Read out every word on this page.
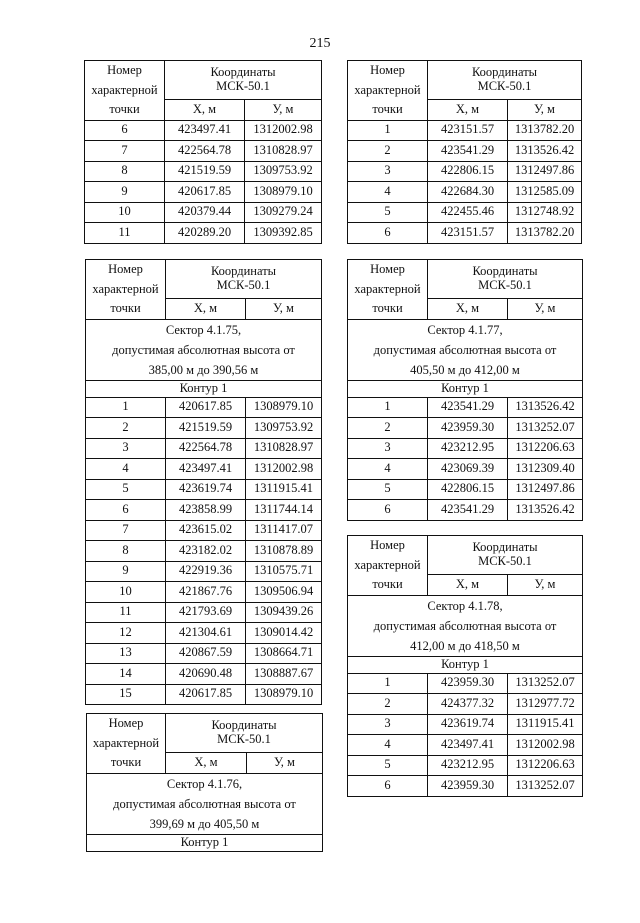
215
Номер
характерной
точки	Координаты
МСК-50.1	

	Х, м	У, м
6	423497.41	1312002.98
7	422564.78	1310828.97
8	421519.59	1309753.92
9	420617.85	1308979.10
10	420379.44	1309279.24
11	420289.20	1309392.85
Номер
характерной
точки	Координаты
МСК-50.1	

	Х, м	У, м
1	423151.57	1313782.20
2	423541.29	1313526.42
3	422806.15	1312497.86
4	422684.30	1312585.09
5	422455.46	1312748.92
6	423151.57	1313782.20
Номер
характерной
точки	Координаты
МСК-50.1	

	Х, м	У, м

Сектор 4.1.75,
допустимая абсолютная высота от
385,00 м до 390,56 м		

Контур 1		
1	420617.85	1308979.10
2	421519.59	1309753.92
3	422564.78	1310828.97
4	423497.41	1312002.98
5	423619.74	1311915.41
6	423858.99	1311744.14
7	423615.02	1311417.07
8	423182.02	1310878.89
9	422919.36	1310575.71
10	421867.76	1309506.94
11	421793.69	1309439.26
12	421304.61	1309014.42
13	420867.59	1308664.71
14	420690.48	1308887.67
15	420617.85	1308979.10
Номер
характерной
точки	Координаты
МСК-50.1	

	Х, м	У, м

Сектор 4.1.77,
допустимая абсолютная высота от
405,50 м до 412,00 м		

Контур 1		
1	423541.29	1313526.42
2	423959.30	1313252.07
3	423212.95	1312206.63
4	423069.39	1312309.40
5	422806.15	1312497.86
6	423541.29	1313526.42
Номер
характерной
точки	Координаты
МСК-50.1	

	Х, м	У, м

Сектор 4.1.78,
допустимая абсолютная высота от
412,00 м до 418,50 м		

Контур 1		
1	423959.30	1313252.07
2	424377.32	1312977.72
3	423619.74	1311915.41
4	423497.41	1312002.98
5	423212.95	1312206.63
6	423959.30	1313252.07
Номер
характерной
точки	Координаты
МСК-50.1	

	Х, м	У, м

Сектор 4.1.76,
допустимая абсолютная высота от
399,69 м до 405,50 м		

Контур 1		
